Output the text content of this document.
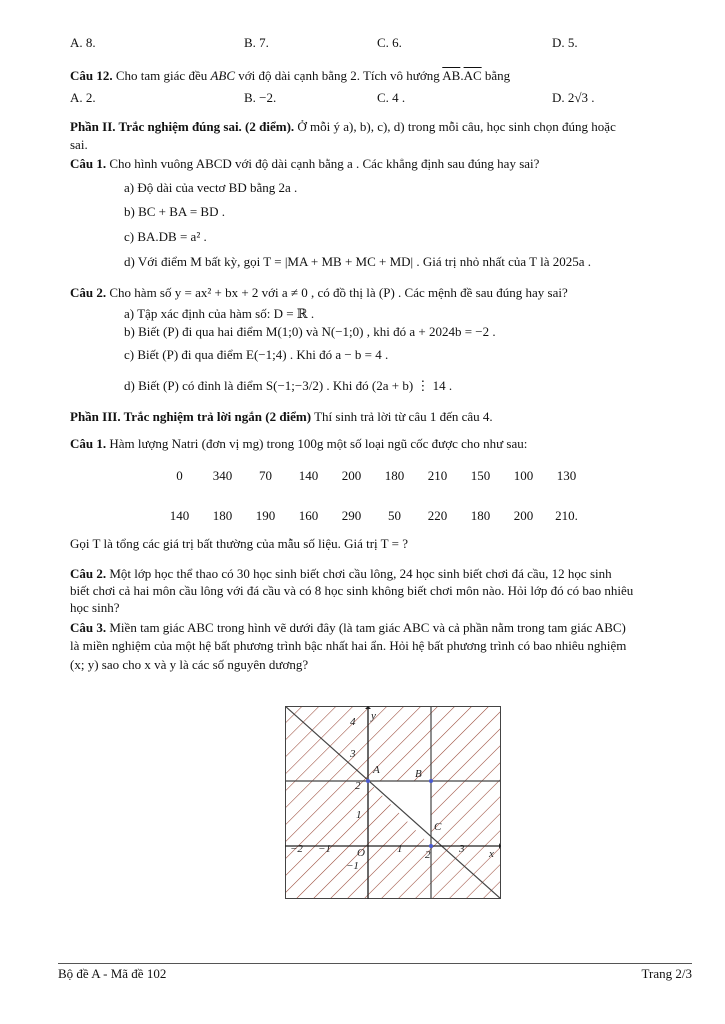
A. 8.	B. 7.	C. 6.	D. 5.
Câu 12. Cho tam giác đều ABC với độ dài cạnh bằng 2. Tích vô hướng $\overline{AB}.\overline{AC}$ bằng
A. 2.	B. −2.	C. 4 .	D. 2√3 .
Phần II. Trắc nghiệm đúng sai. (2 điểm). Ở mỗi ý a), b), c), d) trong mỗi câu, học sinh chọn đúng hoặc
sai.
Câu 1. Cho hình vuông ABCD với độ dài cạnh bằng a . Các khẳng định sau đúng hay sai?
a) Độ dài của vectơ BD bằng 2a .
b) BC + BA = BD .
c) BA.DB = a² .
d) Với điểm M bất kỳ, gọi T = |MA + MB + MC + MD| . Giá trị nhỏ nhất của T là 2025a .
Câu 2. Cho hàm số y = ax² + bx + 2 với a ≠ 0 , có đồ thị là (P) . Các mệnh đề sau đúng hay sai?
a) Tập xác định của hàm số: D = ℝ .
b) Biết (P) đi qua hai điểm M(1;0) và N(−1;0) , khi đó a + 2024b = −2 .
c) Biết (P) đi qua điểm E(−1;4) . Khi đó a − b = 4 .
d) Biết (P) có đỉnh là điểm S(−1;−3/2) . Khi đó (2a + b) ⋮ 14 .
Phần III. Trắc nghiệm trả lời ngắn (2 điểm) Thí sinh trả lời từ câu 1 đến câu 4.
Câu 1. Hàm lượng Natri (đơn vị mg) trong 100g một số loại ngũ cốc được cho như sau:
0	340	70	140	200	180	210	150	100	130

140	180	190	160	290	50	220	180	200	210.
Gọi T là tổng các giá trị bất thường của mẫu số liệu. Giá trị T = ?
Câu 2. Một lớp học thể thao có 30 học sinh biết chơi cầu lông, 24 học sinh biết chơi đá cầu, 12 học sinh
biết chơi cả hai môn cầu lông với đá cầu và có 8 học sinh không biết chơi môn nào. Hỏi lớp đó có bao nhiêu
học sinh?
Câu 3. Miền tam giác ABC trong hình vẽ dưới đây (là tam giác ABC và cả phần nằm trong tam giác ABC)
là miền nghiệm của một hệ bất phương trình bậc nhất hai ẩn. Hỏi hệ bất phương trình có bao nhiêu nghiệm
(x; y) sao cho x và y là các số nguyên dương?
−2 −1	1 2	3
4
3
2
1
−1
O	x
y
A	B
C
Bộ đề A - Mã đề 102	Trang 2/3
